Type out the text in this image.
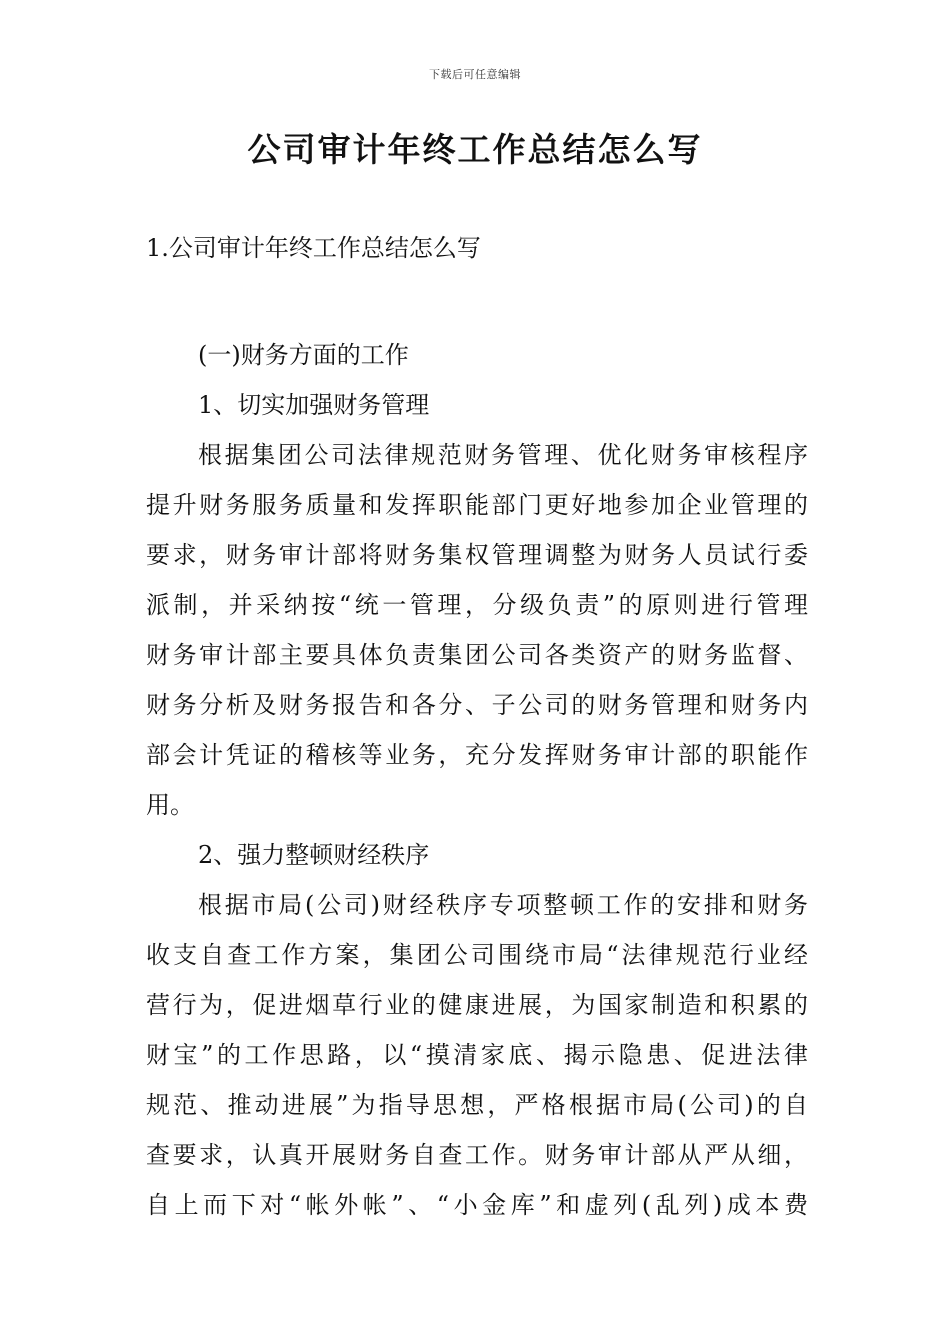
下载后可任意编辑
公司审计年终工作总结怎么写
1.公司审计年终工作总结怎么写

(一)财务方面的工作

1、切实加强财务管理

根据集团公司法律规范财务管理、优化财务审核程序

提升财务服务质量和发挥职能部门更好地参加企业管理的

要求，财务审计部将财务集权管理调整为财务人员试行委

派制，并采纳按“统一管理，分级负责”的原则进行管理

财务审计部主要具体负责集团公司各类资产的财务监督、

财务分析及财务报告和各分、子公司的财务管理和财务内

部会计凭证的稽核等业务，充分发挥财务审计部的职能作

用。

2、强力整顿财经秩序

根据市局(公司)财经秩序专项整顿工作的安排和财务

收支自查工作方案，集团公司围绕市局“法律规范行业经

营行为，促进烟草行业的健康进展，为国家制造和积累的

财宝”的工作思路，以“摸清家底、揭示隐患、促进法律

规范、推动进展”为指导思想，严格根据市局(公司)的自

查要求，认真开展财务自查工作。财务审计部从严从细，

自上而下对“帐外帐”、“小金库”和虚列(乱列)成本费
